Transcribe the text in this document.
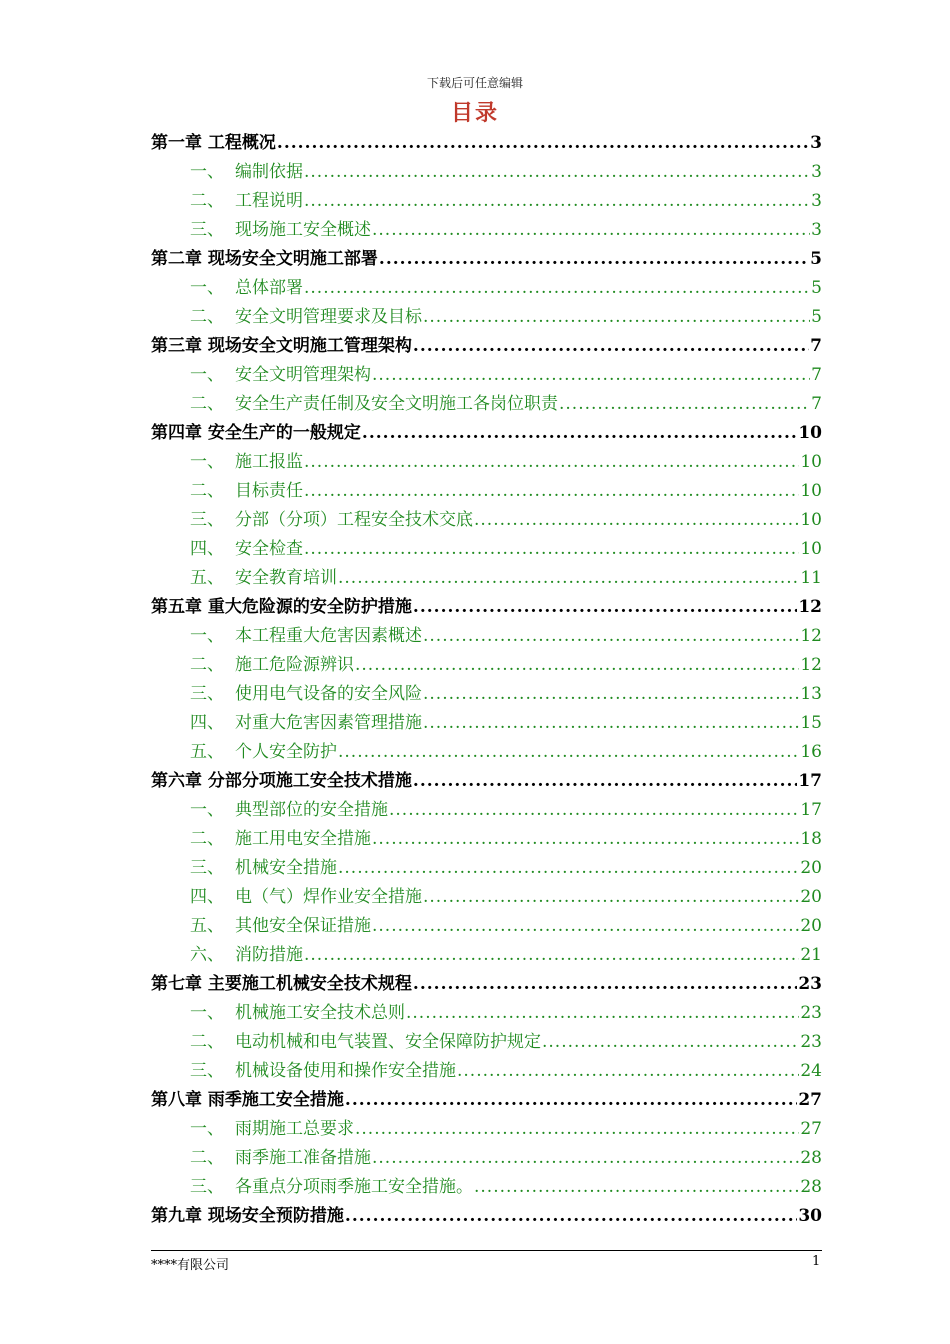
下载后可任意编辑
目录
第一章 工程概况 .....	3
一、 编制依据 .....	3
二、 工程说明 .....	3
三、 现场施工安全概述 .....	3
第二章 现场安全文明施工部署 .....	5
一、 总体部署 .....	5
二、 安全文明管理要求及目标 .....	5
第三章 现场安全文明施工管理架构 .....	7
一、 安全文明管理架构 .....	7
二、 安全生产责任制及安全文明施工各岗位职责 .....	7
第四章 安全生产的一般规定 .....	10
一、 施工报监 .....	10
二、 目标责任 .....	10
三、 分部（分项）工程安全技术交底 .....	10
四、 安全检查 .....	10
五、 安全教育培训 .....	11
第五章 重大危险源的安全防护措施 .....	12
一、 本工程重大危害因素概述 .....	12
二、 施工危险源辨识 .....	12
三、 使用电气设备的安全风险 .....	13
四、 对重大危害因素管理措施 .....	15
五、 个人安全防护 .....	16
第六章 分部分项施工安全技术措施 .....	17
一、 典型部位的安全措施 .....	17
二、 施工用电安全措施 .....	18
三、 机械安全措施 .....	20
四、 电（气）焊作业安全措施 .....	20
五、 其他安全保证措施 .....	20
六、 消防措施 .....	21
第七章 主要施工机械安全技术规程 .....	23
一、 机械施工安全技术总则 .....	23
二、 电动机械和电气装置、安全保障防护规定 .....	23
三、 机械设备使用和操作安全措施 .....	24
第八章 雨季施工安全措施 .....	27
一、 雨期施工总要求 .....	27
二、 雨季施工准备措施 .....	28
三、 各重点分项雨季施工安全措施。 .....	28
第九章 现场安全预防措施 .....	30
****有限公司	1
